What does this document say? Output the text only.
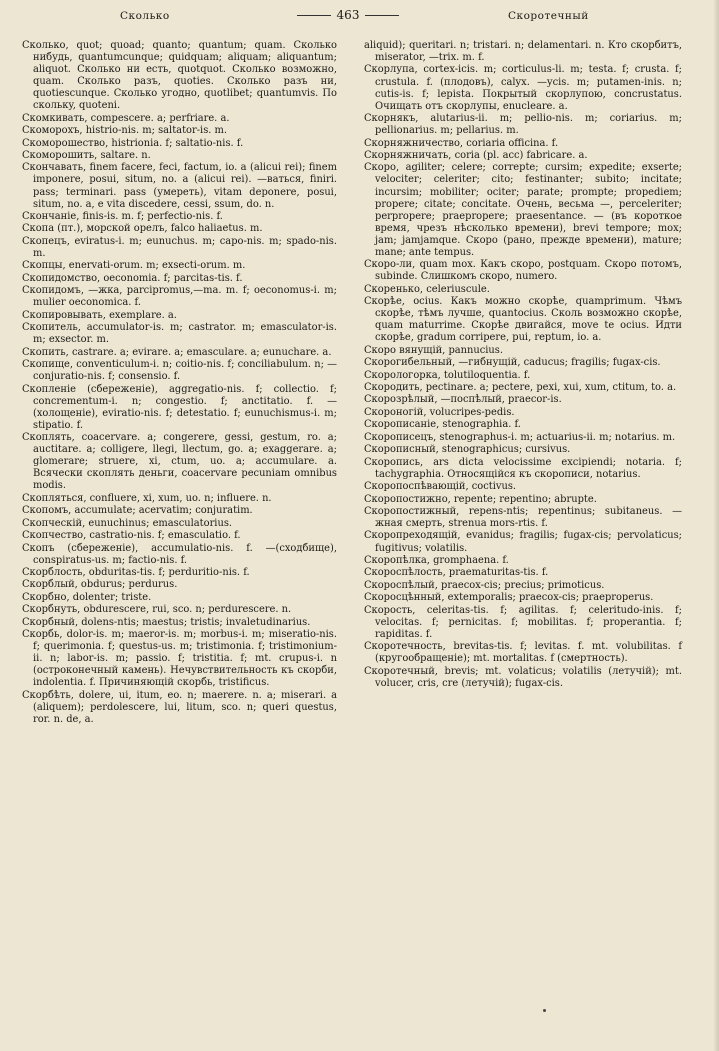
Сколько	463	Скоротечный

Сколько, quot; quoad; quanto; quantum; quam. Сколько нибудь, quantumcunque; quidquam; aliquam; aliquantum; aliquot. Сколько ни есть, quotquot. Сколько возможно, quam. Сколько разъ, quoties. Сколько разъ ни, quotiescunque. Сколько угодно, quotlibet; quantumvis. По сколькy, quoteni.

Скомкивать, compescere. a; perfriare. a.

Скоморохъ, histrio-nis. m; saltator-is. m.

Скоморошество, histrionia. f; saltatio-nis. f.

Скоморошить, saltare. n.

Скончавать, finem facere, feci, factum, io. a (alicui rei); finem imponere, posui, situm, no. a (alicui rei). —ваться, finiri. pass; terminari. pass (умереть), vitam deponere, posui, situm, no. a, e vita discedere, cessi, ssum, do. n.

Скончаніе, finis-is. m. f; perfectio-nis. f.

Скопа (пт.), морской орелъ, falco haliaetus. m.

Скопецъ, eviratus-i. m; eunuchus. m; capo-nis. m; spado-nis. m.

Скопцы, enervati-orum. m; exsecti-orum. m.

Скопидомство, oeconomia. f; parcitas-tis. f.

Скопидомъ, —жка, parcipromus,—ma. m. f; oeconomus-i. m; mulier oeconomica. f.

Скопировывать, exemplare. a.

Скопитель, accumulator-is. m; castrator. m; emasculator-is. m; exsector. m.

Скопить, castrare. a; evirare. a; emasculare. a; eunuchare. a.

Скопище, conventiculum-i. n; coitio-nis. f; conciliabulum. n; — conjuratio-nis. f; consensio. f.

Скопленіе (сбереженіе), aggregatio-nis. f; collectio. f; concrementum-i. n; congestio. f; anctitatio. f. — (холощеніе), eviratio-nis. f; detestatio. f; eunuchismus-i. m; stipatio. f.

Скоплять, coacervare. a; congerere, gessi, gestum, ro. a; auctitare. a; colligere, llegi, llectum, go. a; exaggerare. a; glomerare; struere, xi, ctum, uo. a; accumulare. a. Всячески скоплять деньги, coacervare pecuniam omnibus modis.

Скопляться, confluere, xi, xum, uo. n; influere. n.

Скопомъ, accumulate; acervatim; conjuratim.

Скопческій, eunuchinus; emasculatorius.

Скопчество, castratio-nis. f; emasculatio. f.

Скопъ (сбереженіе), accumulatio-nis. f. —(сходбище), conspiratus-us. m; factio-nis. f.

Скорблость, obduritas-tis. f; perduritio-nis. f.

Скорблый, obdurus; perdurus.

Скорбно, dolenter; triste.

Скорбнуть, obdurescere, rui, sco. n; perdurescere. n.

Скорбный, dolens-ntis; maestus; tristis; invaletudinarius.

Скорбь, dolor-is. m; maeror-is. m; morbus-i. m; miseratio-nis. f; querimonia. f; questus-us. m; tristimonia. f; tristimonium-ii. n; labor-is. m; passio. f; tristitia. f; mt. crupus-i. n (остроконечный камень). Нечувствительность къ скорби, indolentia. f. Причиняющій скорбь, tristificus.

Скорбѣть, dolere, ui, itum, eo. n; maerere. n. a; miserari. a (aliquem); perdolescere, lui, litum, sco. n; queri questus, ror. n. de, a.

aliquid); queritari. n; tristari. n; delamentari. n. Кто скорбитъ, miserator, —trix. m. f.

Скорлупа, cortex-icis. m; corticulus-li. m; testa. f; crusta. f; crustula. f. (плодовъ), calyx. —ycis. m; putamen-inis. n; cutis-is. f; lepista. Покрытый скорлупою, concrustatus. Очищать отъ скорлупы, enucleare. a.

Скорнякъ, alutarius-ii. m; pellio-nis. m; coriarius. m; pellionarius. m; pellarius. m.

Скорняжничество, coriaria officina. f.

Скорняжничать, coria (pl. acc) fabricare. a.

Скоро, agiliter; celere; correpte; cursim; expedite; exserte; velociter; celeriter; cito; festinanter; subito; incitate; incursim; mobiliter; ociter; parate; prompte; propediem; propere; citate; concitate. Очень, весьма —, perceleriter; perpropere; praepropere; praesentance. — (въ короткое время, чрезъ нѣсколько времени), brevi tempore; mox; jam; jamjamque. Скоро (рано, прежде времени), mature; mane; ante tempus.

Скоро-ли, quam mox. Какъ скоро, postquam. Скоро потомъ, subinde. Слишкомъ скоро, numero.

Скоренько, celeriuscule.

Скорѣе, ocius. Какъ можно скорѣе, quamprimum. Чѣмъ скорѣе, тѣмъ лучше, quantocius. Сколь возможно скорѣе, quam maturrime. Скорѣе двигайся, move te ocius. Идти скорѣе, gradum corripere, pui, reptum, io. a.

Скоро вянущій, pannucius.

Скорогибельный, —гибнущій, caducus; fragilis; fugax-cis.

Скорологорка, tolutiloquentia. f.

Скородить, pectinare. a; pectere, pexi, xui, xum, ctitum, to. a.

Скорозрѣлый, —поспѣлый, praecor-is.

Скороногій, volucripes-pedis.

Скорописаніе, stenographia. f.

Скорописецъ, stenographus-i. m; actuarius-ii. m; notarius. m.

Скорописный, stenographicus; cursivus.

Скоропись, ars dicta velocissime excipiendi; notaria. f; tachygraphia. Относящійся къ скорописи, notarius.

Скоропоспѣвающій, coctivus.

Скоропостижно, repente; repentino; abrupte.

Скоропостижный, repens-ntis; repentinus; subitaneus. —жная смерть, strenua mors-rtis. f.

Скоропреходящій, evanidus; fragilis; fugax-cis; pervolaticus; fugitivus; volatilis.

Скоропѣлка, gromphaena. f.

Скороспѣлость, praematuritas-tis. f.

Скороспѣлый, praecox-cis; precius; primoticus.

Скоросцѣнный, extemporalis; praecox-cis; praeproperus.

Скорость, celeritas-tis. f; agilitas. f; celeritudo-inis. f; velocitas. f; pernicitas. f; mobilitas. f; properantia. f; rapiditas. f.

Скоротечность, brevitas-tis. f; levitas. f. mt. volubilitas. f (кругообращеніе); mt. mortalitas. f (смертность).

Скоротечный, brevis; mt. volaticus; volatilis (летучій); mt. voluсer, cris, cre (летучій); fugax-cis.
